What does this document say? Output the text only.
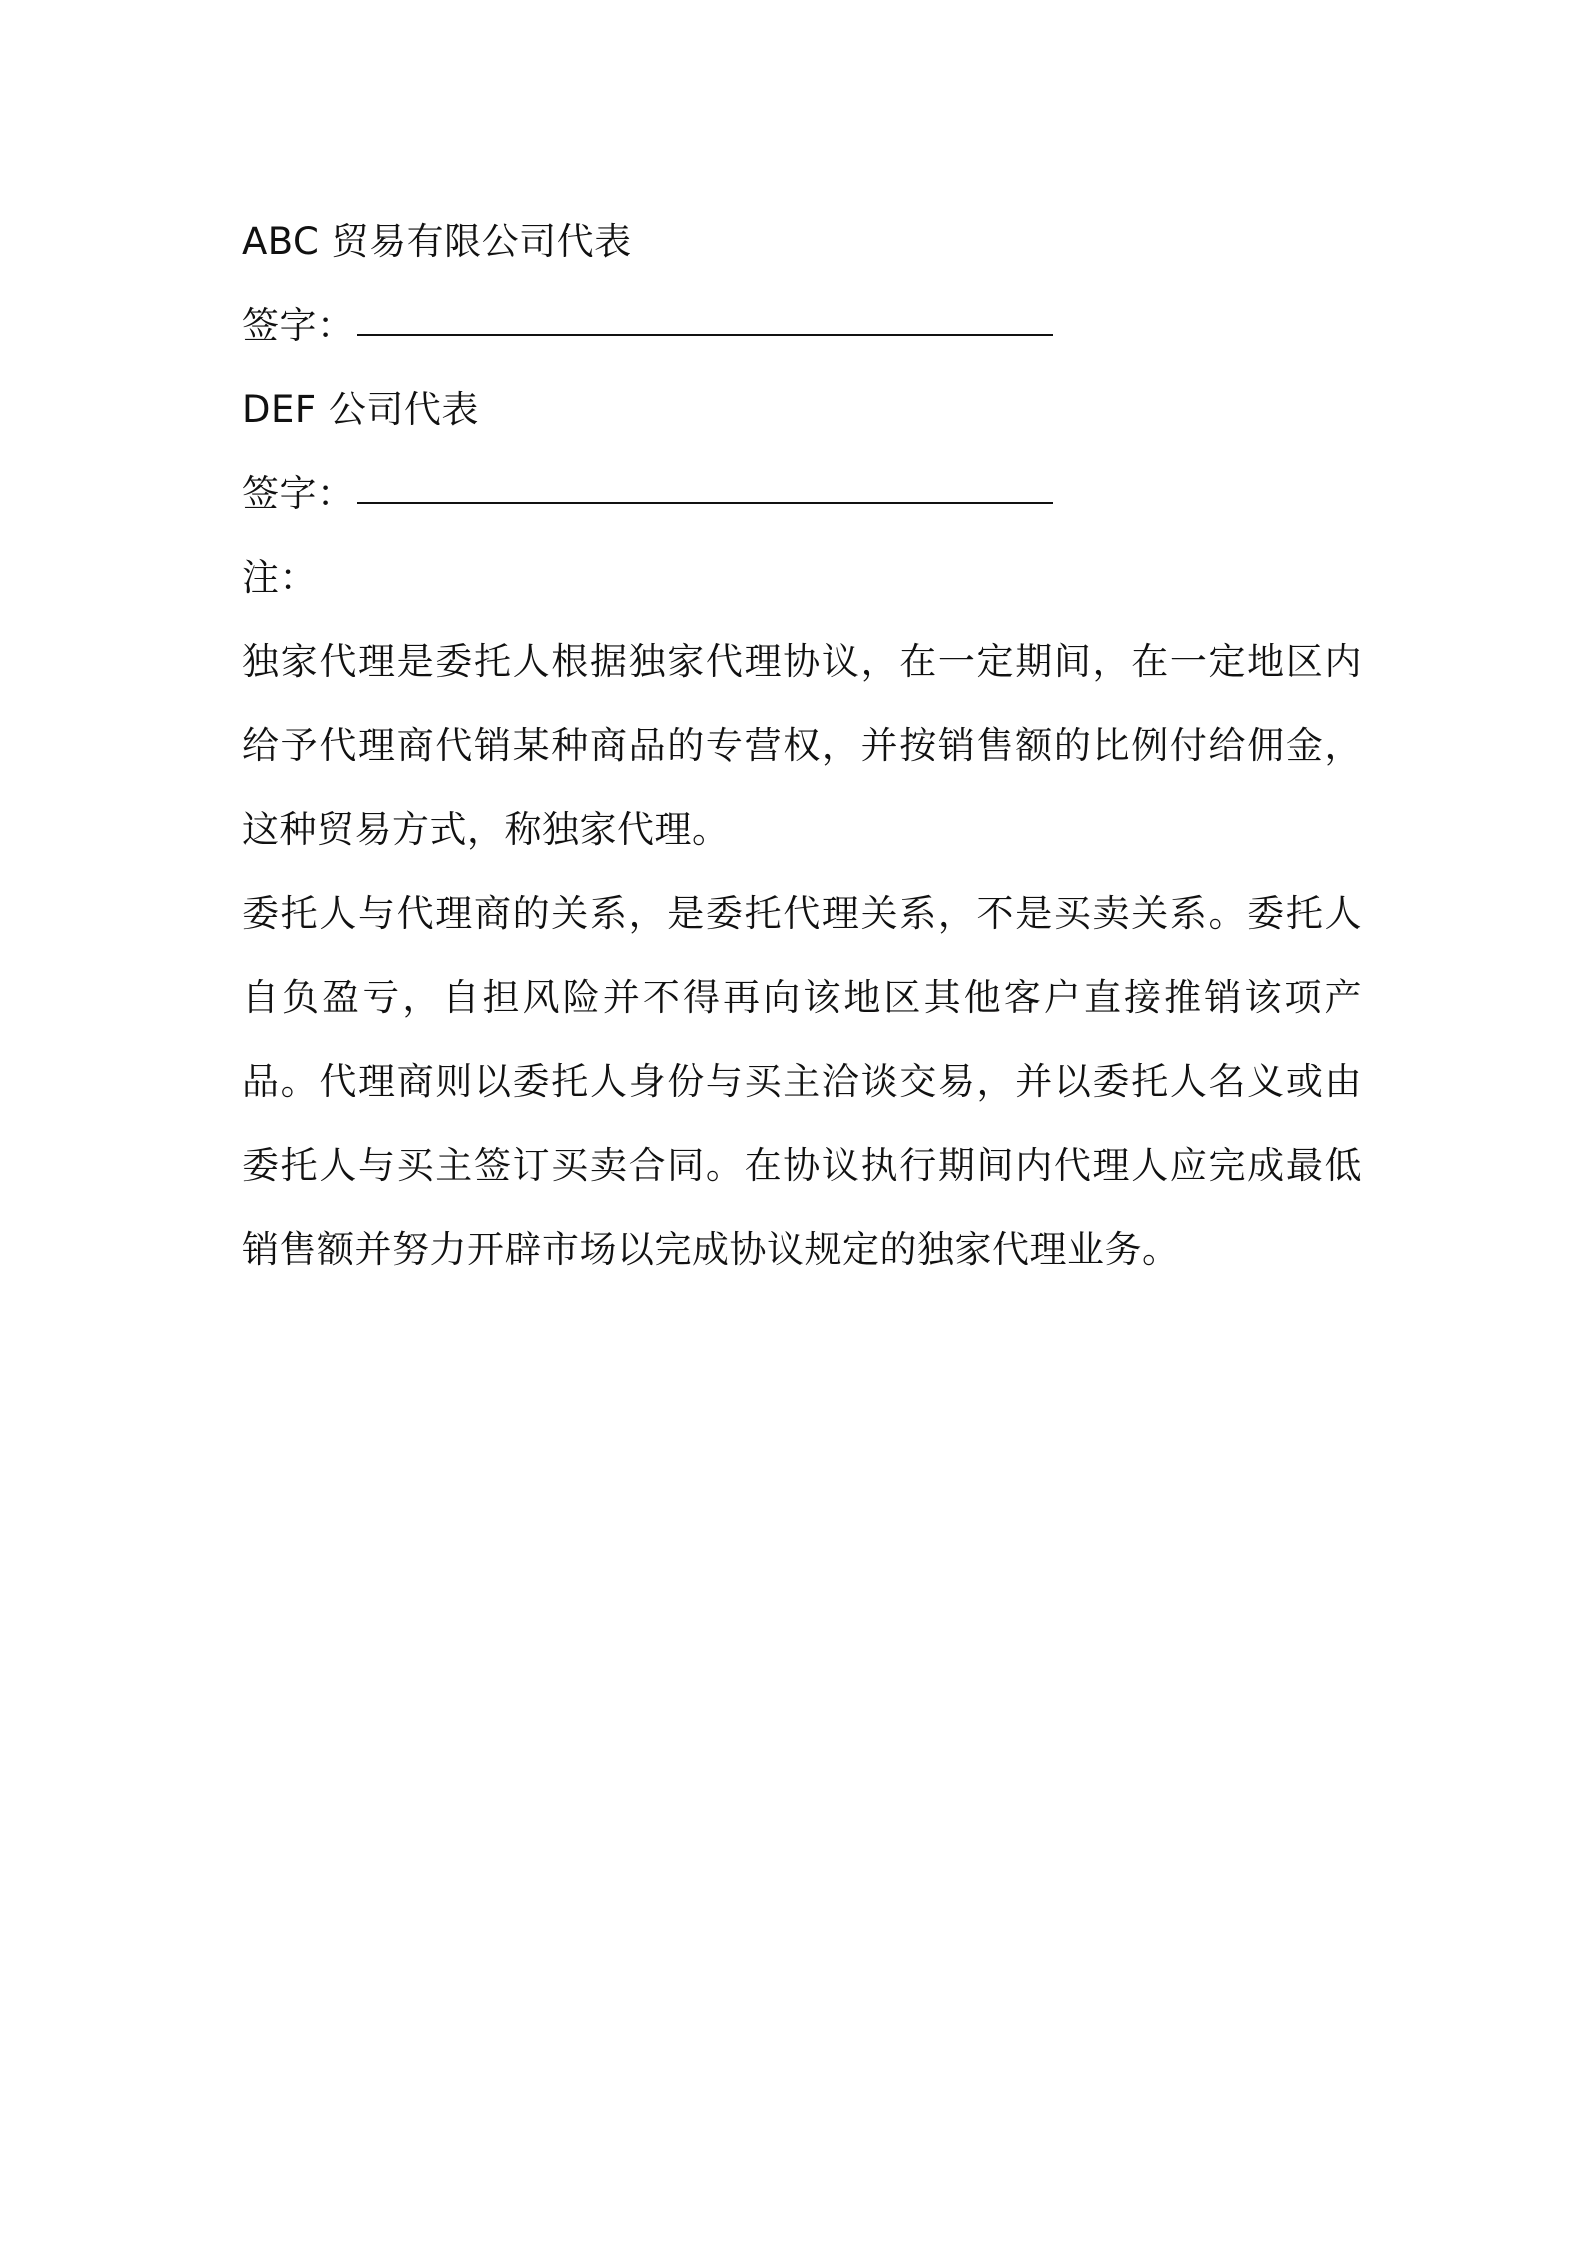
ABC 贸易有限公司代表

签字：

DEF 公司代表

签字：

注：

独家代理是委托人根据独家代理协议，在一定期间，在一定地区内给予代理商代销某种商品的专营权，并按销售额的比例付给佣金，这种贸易方式，称独家代理。

委托人与代理商的关系，是委托代理关系，不是买卖关系。委托人自负盈亏，自担风险并不得再向该地区其他客户直接推销该项产品。代理商则以委托人身份与买主洽谈交易，并以委托人名义或由委托人与买主签订买卖合同。在协议执行期间内代理人应完成最低销售额并努力开辟市场以完成协议规定的独家代理业务。
